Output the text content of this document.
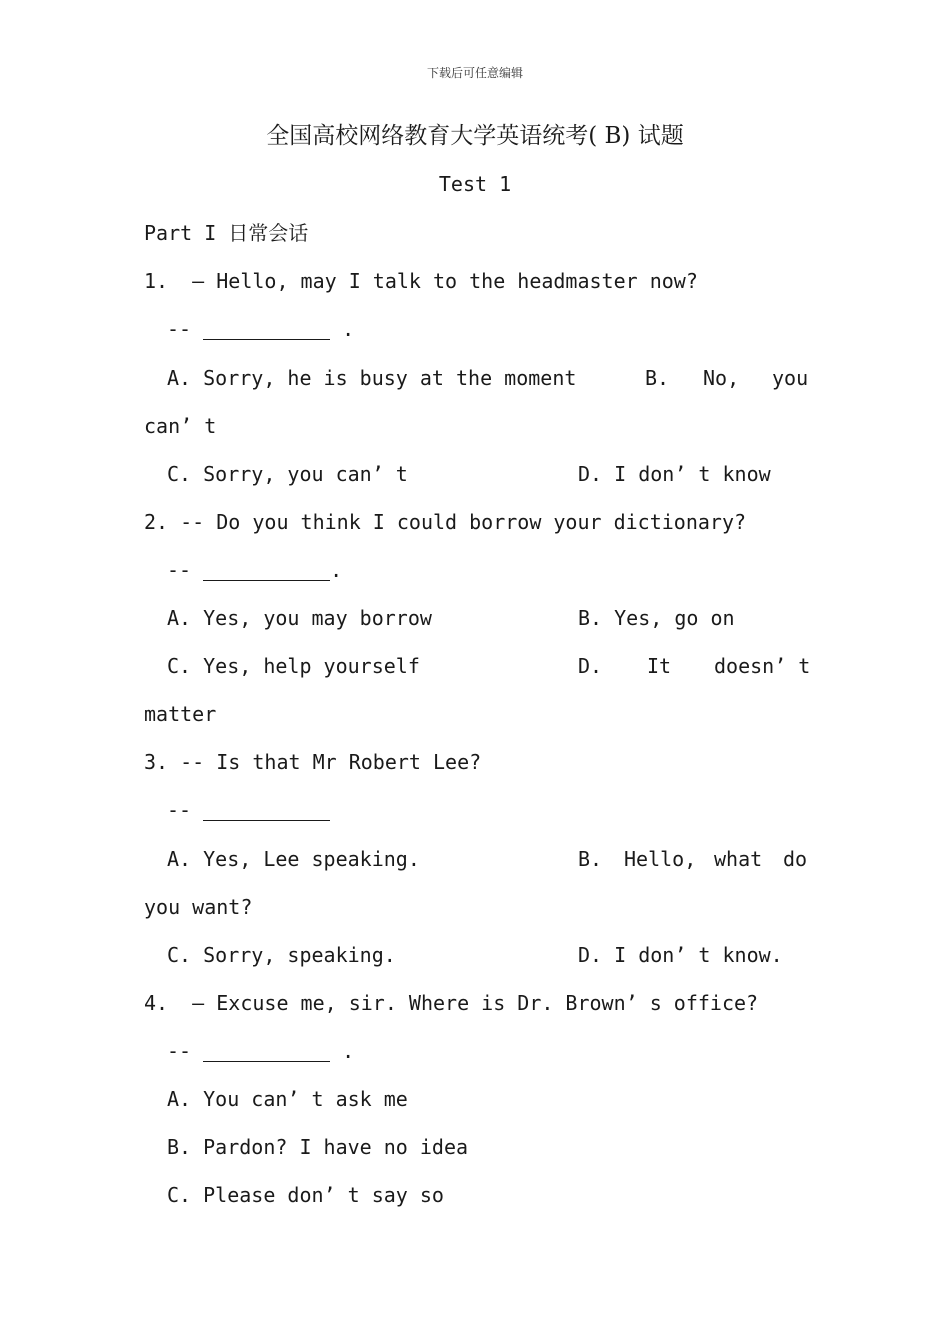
下载后可任意编辑
全国高校网络教育大学英语统考( B) 试题
Test 1
Part I 日常会话
1.  – Hello, may I talk to the headmaster now?
--	.
A. Sorry, he is busy at the moment	B. No, you
can’ t
C. Sorry, you can’ t	D. I don’ t know
2. -- Do you think I could borrow your dictionary?
--	.
A. Yes, you may borrow	B. Yes, go on
C. Yes, help yourself	D. It doesn’ t
matter
3. -- Is that Mr Robert Lee?
--
A. Yes, Lee speaking.	B. Hello, what do
you want?
C. Sorry, speaking.	D. I don’ t know.
4.  – Excuse me, sir. Where is Dr. Brown’ s office?
--	.
A. You can’ t ask me
B. Pardon? I have no idea
C. Please don’ t say so
